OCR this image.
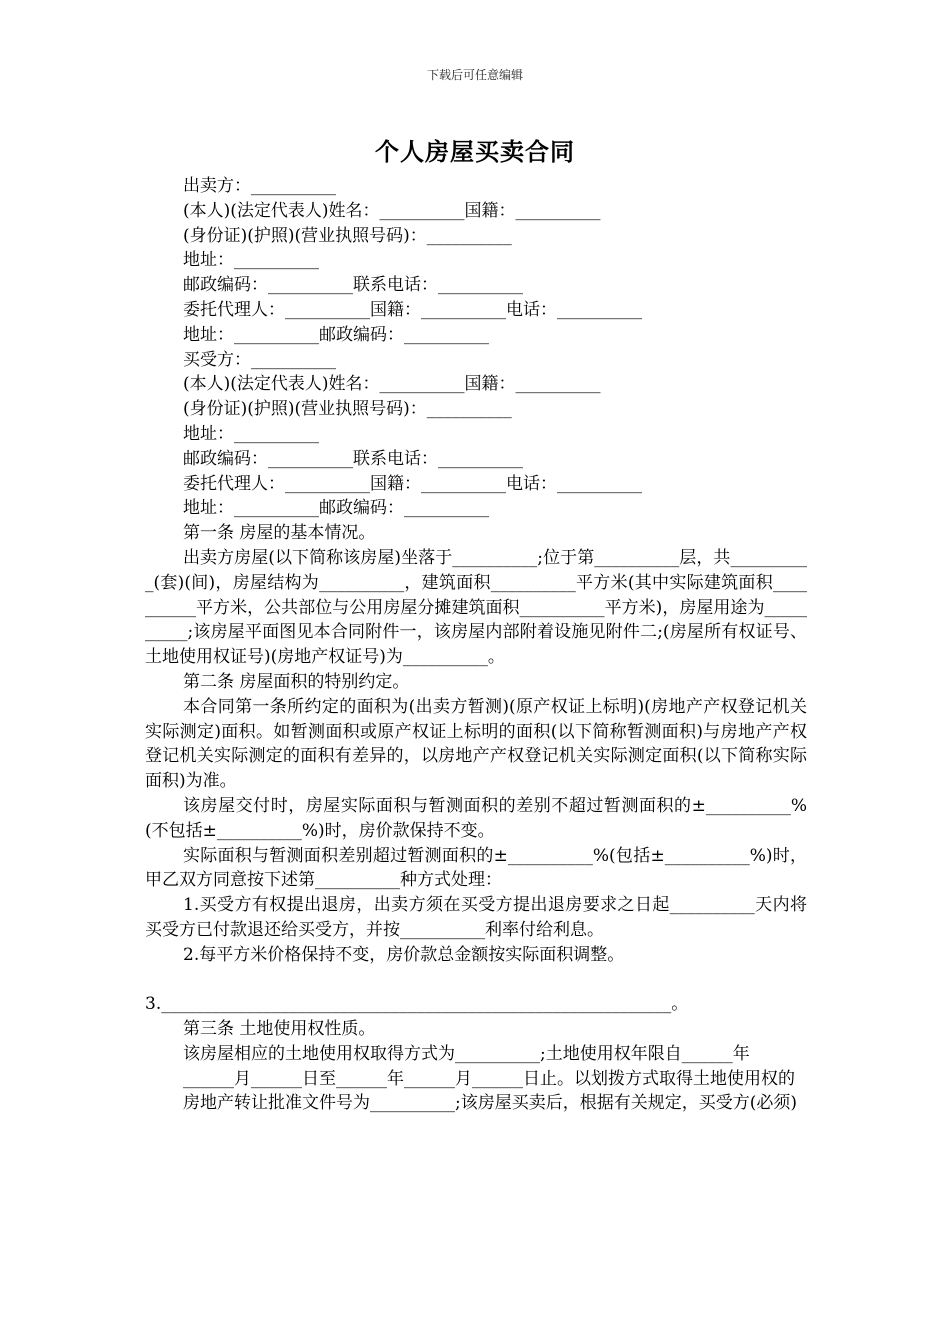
下载后可任意编辑
个人房屋买卖合同

出卖方：__________

(本人)(法定代表人)姓名：__________国籍：__________

(身份证)(护照)(营业执照号码)：__________

地址：__________

邮政编码：__________联系电话：__________

委托代理人：__________国籍：__________电话：__________

地址：__________邮政编码：__________

买受方：__________

(本人)(法定代表人)姓名：__________国籍：__________

(身份证)(护照)(营业执照号码)：__________

地址：__________

邮政编码：__________联系电话：__________

委托代理人：__________国籍：__________电话：__________

地址：__________邮政编码：__________

第一条 房屋的基本情况。

出卖方房屋(以下简称该房屋)坐落于__________;位于第__________层，共__________(套)(间)，房屋结构为__________，建筑面积__________平方米(其中实际建筑面积__________平方米，公共部位与公用房屋分摊建筑面积__________平方米)，房屋用途为__________;该房屋平面图见本合同附件一，该房屋内部附着设施见附件二;(房屋所有权证号、土地使用权证号)(房地产权证号)为__________。

第二条 房屋面积的特别约定。

本合同第一条所约定的面积为(出卖方暂测)(原产权证上标明)(房地产产权登记机关实际测定)面积。如暂测面积或原产权证上标明的面积(以下简称暂测面积)与房地产产权登记机关实际测定的面积有差异的，以房地产产权登记机关实际测定面积(以下简称实际面积)为准。

该房屋交付时，房屋实际面积与暂测面积的差别不超过暂测面积的±__________%(不包括±__________%)时，房价款保持不变。

实际面积与暂测面积差别超过暂测面积的±__________%(包括±__________%)时，甲乙双方同意按下述第__________种方式处理：

1.买受方有权提出退房，出卖方须在买受方提出退房要求之日起__________天内将买受方已付款退还给买受方，并按__________利率付给利息。

2.每平方米价格保持不变，房价款总金额按实际面积调整。

3.____________________________________________________________。

第三条 土地使用权性质。

该房屋相应的土地使用权取得方式为__________;土地使用权年限自______年

______月______日至______年______月______日止。以划拨方式取得土地使用权的

房地产转让批准文件号为__________;该房屋买卖后，根据有关规定，买受方(必须)
